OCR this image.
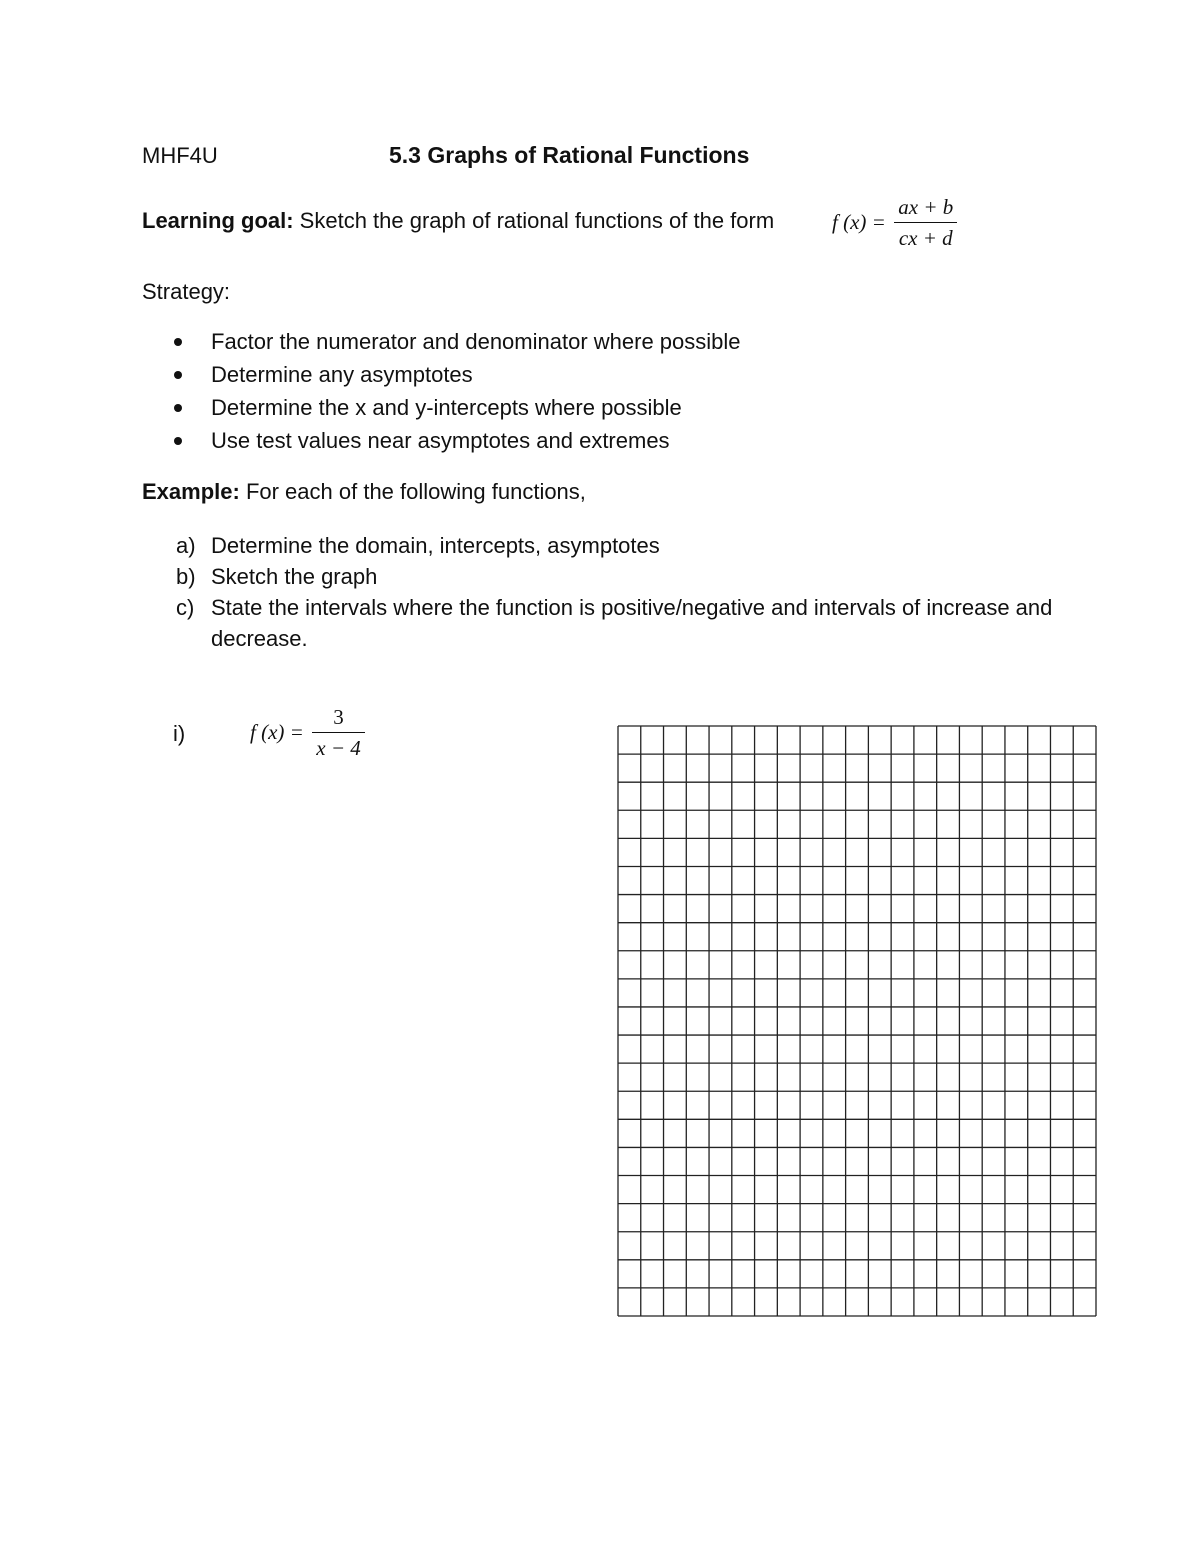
MHF4U	5.3 Graphs of Rational Functions
Learning goal: Sketch the graph of rational functions of the form	f $(x) = \frac{ax + b}{cx + d}$
Strategy:
Factor the numerator and denominator where possible
Determine any asymptotes
Determine the x and y-intercepts where possible
Use test values near asymptotes and extremes
Example: For each of the following functions,
a) Determine the domain, intercepts, asymptotes
b) Sketch the graph
c) State the intervals where the function is positive/negative and intervals of increase and decrease.
i)	f $(x) = \frac{3}{x - 4}$
